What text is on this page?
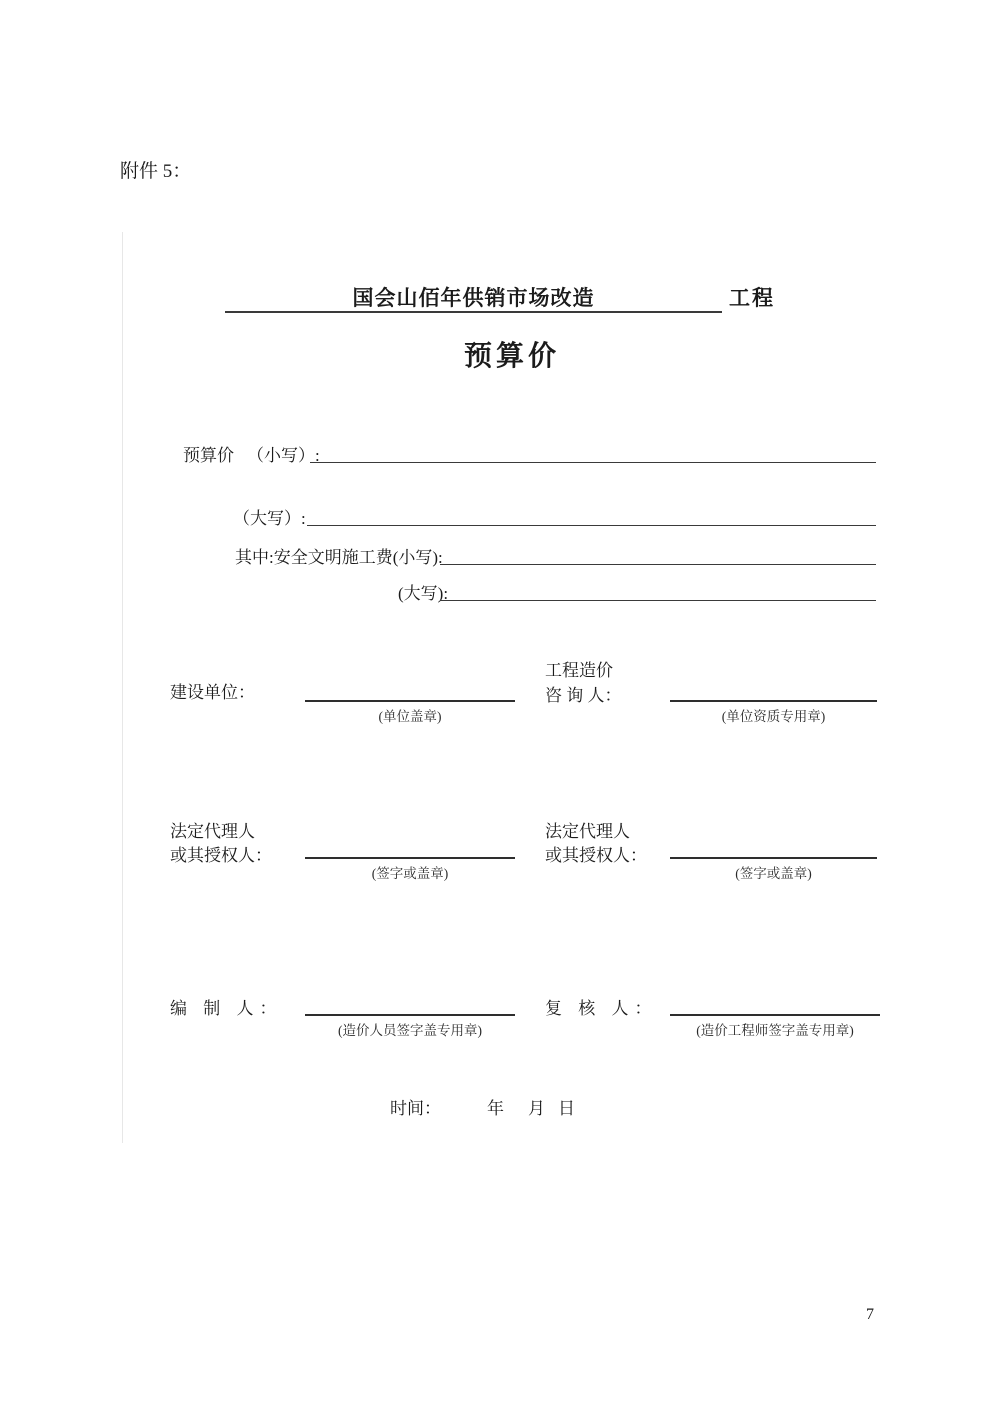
附件 5：
国会山佰年供销市场改造	工程
预算价
预算价 （小写）:
（大写）:
其中:安全文明施工费(小写):
(大写):
建设单位：
(单位盖章)
工程造价
咨 询 人：
(单位资质专用章)
法定代理人
或其授权人：
(签字或盖章)
法定代理人
或其授权人：
(签字或盖章)
编 制 人：
(造价人员签字盖专用章)
复 核 人：
(造价工程师签字盖专用章)
时间：	年 月 日
7
